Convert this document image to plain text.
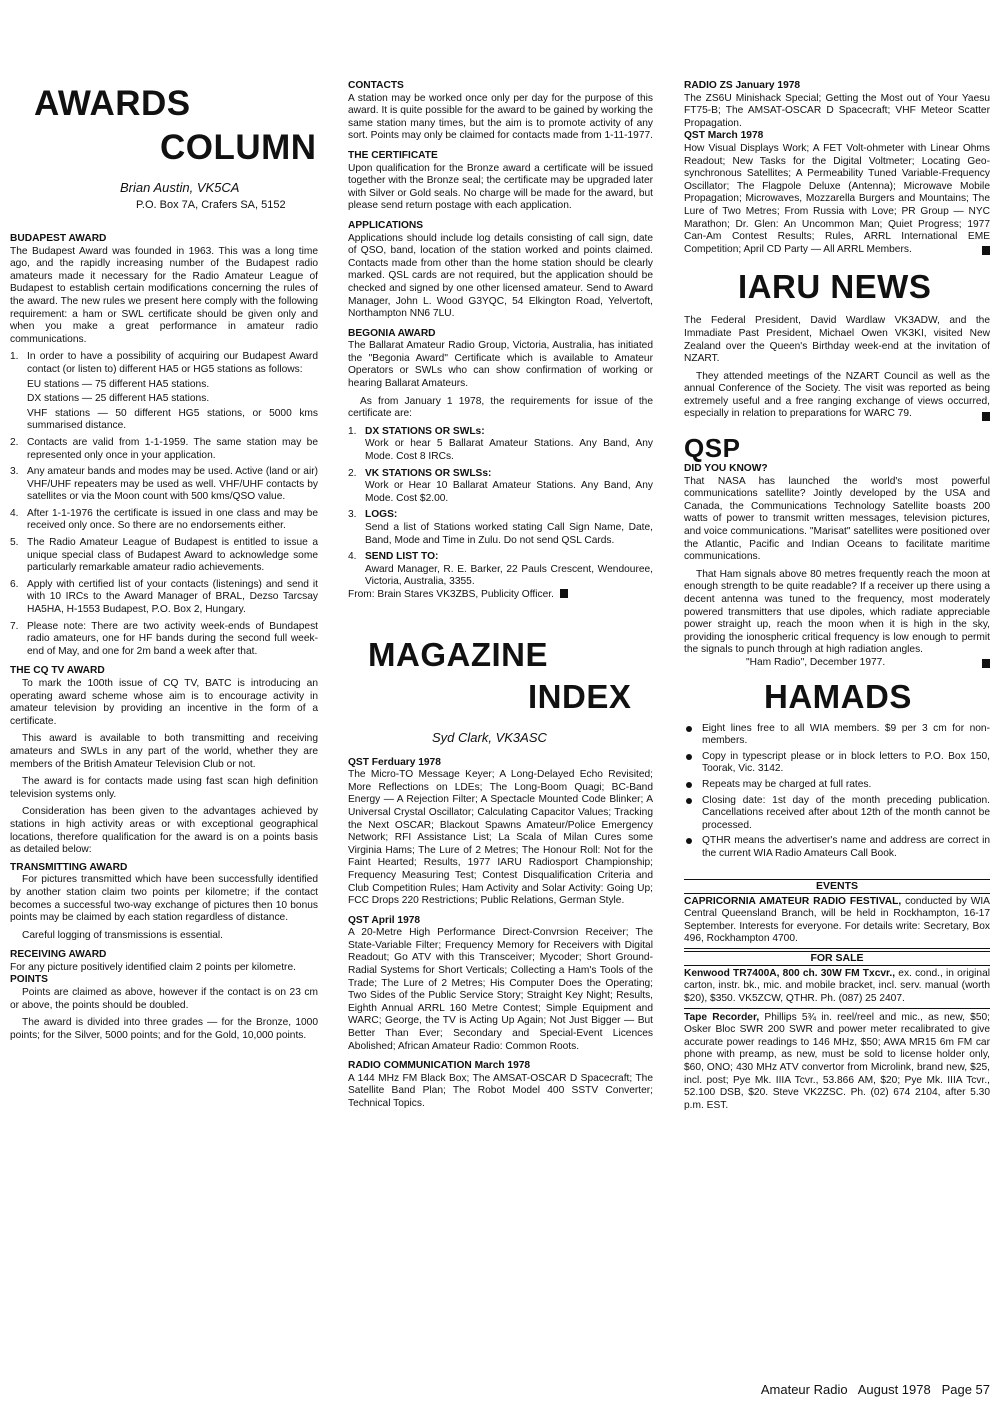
AWARDS
COLUMN
Brian Austin, VK5CA
P.O. Box 7A, Crafers SA, 5152
BUDAPEST AWARD

The Budapest Award was founded in 1963. This was a long time ago, and the rapidly increasing number of the Budapest radio amateurs made it necessary for the Radio Amateur League of Budapest to establish certain modifications concerning the rules of the award. The new rules we present here comply with the following requirement: a ham or SWL certificate should be given only and when you make a great performance in amateur radio communications.

1. In order to have a possibility of acquiring our Budapest Award contact (or listen to) different HA5 or HG5 stations as follows:
EU stations — 75 different HA5 stations.
DX stations — 25 different HA5 stations.
VHF stations — 50 different HG5 stations, or 5000 kms summarised distance.
2. Contacts are valid from 1-1-1959. The same station may be represented only once in your application.
3. Any amateur bands and modes may be used. Active (land or air) VHF/UHF repeaters may be used as well. VHF/UHF contacts by satellites or via the Moon count with 500 kms/QSO value.
4. After 1-1-1976 the certificate is issued in one class and may be received only once. So there are no endorsements either.
5. The Radio Amateur League of Budapest is entitled to issue a unique special class of Budapest Award to acknowledge some particularly remarkable amateur radio achievements.
6. Apply with certified list of your contacts (listenings) and send it with 10 IRCs to the Award Manager of BRAL, Dezso Tarcsay HA5HA, H-1553 Budapest, P.O. Box 2, Hungary.
7. Please note: There are two activity week-ends of Bundapest radio amateurs, one for HF bands during the second full week-end of May, and one for 2m band a week after that.
THE CQ TV AWARD

To mark the 100th issue of CQ TV, BATC is introducing an operating award scheme whose aim is to encourage activity in amateur television by providing an incentive in the form of a certificate.

This award is available to both transmitting and receiving amateurs and SWLs in any part of the world, whether they are members of the British Amateur Television Club or not.

The award is for contacts made using fast scan high definition television systems only.

Consideration has been given to the advantages achieved by stations in high activity areas or with exceptional geographical locations, therefore qualification for the award is on a points basis as detailed below:

TRANSMITTING AWARD

For pictures transmitted which have been successfully identified by another station claim two points per kilometre; if the contact becomes a successful two-way exchange of pictures then 10 bonus points may be claimed by each station regardless of distance.

Careful logging of transmissions is essential.

RECEIVING AWARD

For any picture positively identified claim 2 points per kilometre.

POINTS

Points are claimed as above, however if the contact is on 23 cm or above, the points should be doubled.

The award is divided into three grades — for the Bronze, 1000 points; for the Silver, 5000 points; and for the Gold, 10,000 points.

CONTACTS

A station may be worked once only per day for the purpose of this award. It is quite possible for the award to be gained by working the same station many times, but the aim is to promote activity of any sort. Points may only be claimed for contacts made from 1-11-1977.

THE CERTIFICATE

Upon qualification for the Bronze award a certificate will be issued together with the Bronze seal; the certificate may be upgraded later with Silver or Gold seals. No charge will be made for the award, but please send return postage with each application.

APPLICATIONS

Applications should include log details consisting of call sign, date of QSO, band, location of the station worked and points claimed. Contacts made from other than the home station should be clearly marked. QSL cards are not required, but the application should be checked and signed by one other licensed amateur. Send to Award Manager, John L. Wood G3YQC, 54 Elkington Road, Yelvertoft, Northampton NN6 7LU.

BEGONIA AWARD

The Ballarat Amateur Radio Group, Victoria, Australia, has initiated the "Begonia Award" Certificate which is available to Amateur Operators or SWLs who can show confirmation of working or hearing Ballarat Amateurs.

As from January 1 1978, the requirements for issue of the certificate are:

1. DX STATIONS OR SWLs:
Work or hear 5 Ballarat Amateur Stations. Any Band, Any Mode. Cost 8 IRCs.
2. VK STATIONS OR SWLSs:
Work or Hear 10 Ballarat Amateur Stations. Any Band, Any Mode. Cost $2.00.
3. LOGS:
Send a list of Stations worked stating Call Sign Name, Date, Band, Mode and Time in Zulu. Do not send QSL Cards.
4. SEND LIST TO:
Award Manager, R. E. Barker, 22 Pauls Crescent, Wendouree, Victoria, Australia, 3355.
From: Brain Stares VK3ZBS, Publicity Officer.
MAGAZINE
INDEX
Syd Clark, VK3ASC
QST Ferduary 1978

The Micro-TO Message Keyer; A Long-Delayed Echo Revisited; More Reflections on LDEs; The Long-Boom Quagi; BC-Band Energy — A Rejection Filter; A Spectacle Mounted Code Blinker; A Universal Crystal Oscillator; Calculating Capacitor Values; Tracking the Next OSCAR; Blackout Spawns Amateur/Police Emergency Network; RFI Assistance List; La Scala of Milan Cures some Virginia Hams; The Lure of 2 Metres; The Honour Roll: Not for the Faint Hearted; Results, 1977 IARU Radiosport Championship; Frequency Measuring Test; Contest Disqualification Criteria and Club Competition Rules; Ham Activity and Solar Activity: Going Up; FCC Drops 220 Restrictions; Public Relations, German Style.

QST April 1978

A 20-Metre High Performance Direct-Convrsion Receiver; The State-Variable Filter; Frequency Memory for Receivers with Digital Readout; Go ATV with this Transceiver; Mycoder; Short Ground-Radial Systems for Short Verticals; Collecting a Ham's Tools of the Trade; The Lure of 2 Metres; His Computer Does the Operating; Two Sides of the Public Service Story; Straight Key Night; Results, Eighth Annual ARRL 160 Metre Contest; Simple Equipment and WARC; George, the TV is Acting Up Again; Not Just Bigger — But Better Than Ever; Secondary and Special-Event Licences Abolished; African Amateur Radio: Common Roots.

RADIO COMMUNICATION March 1978

A 144 MHz FM Black Box; The AMSAT-OSCAR D Spacecraft; The Satellite Band Plan; The Robot Model 400 SSTV Converter; Technical Topics.

RADIO ZS January 1978

The ZS6U Minishack Special; Getting the Most out of Your Yaesu FT75-B; The AMSAT-OSCAR D Spacecraft; VHF Meteor Scatter Propagation.

QST March 1978

How Visual Displays Work; A FET Volt-ohmeter with Linear Ohms Readout; New Tasks for the Digital Voltmeter; Locating Geo-synchronous Satellites; A Permeability Tuned Variable-Frequency Oscillator; The Flagpole Deluxe (Antenna); Microwave Mobile Propagation; Microwaves, Mozzarella Burgers and Mountains; The Lure of Two Metres; From Russia with Love; PR Group — NYC Marathon; Dr. Glen: An Uncommon Man; Quiet Progress; 1977 Can-Am Contest Results; Rules, ARRL International EME Competition; April CD Party — All ARRL Members.

IARU NEWS

The Federal President, David Wardlaw VK3ADW, and the Immadiate Past President, Michael Owen VK3KI, visited New Zealand over the Queen's Birthday week-end at the invitation of NZART.

They attended meetings of the NZART Council as well as the annual Conference of the Society. The visit was reported as being extremely useful and a free ranging exchange of views occurred, especially in relation to preparations for WARC 79.

QSP
DID YOU KNOW?

That NASA has launched the world's most powerful communications satellite? Jointly developed by the USA and Canada, the Communications Technology Satellite boasts 200 watts of power to transmit written messages, television pictures, and voice communications. "Marisat" satellites were positioned over the Atlantic, Pacific and Indian Oceans to facilitate maritime communications.

That Ham signals above 80 metres frequently reach the moon at enough strength to be quite readable? If a receiver up there using a decent antenna was tuned to the frequency, most moderately powered transmitters that use dipoles, which radiate appreciable power straight up, reach the moon when it is high in the sky, providing the ionospheric critical frequency is low enough to permit the signals to punch through at high radiation angles.

"Ham Radio", December 1977.

HAMADS
Eight lines free to all WIA members. $9 per 3 cm for non-members.
Copy in typescript please or in block letters to P.O. Box 150, Toorak, Vic. 3142.
Repeats may be charged at full rates.
Closing date: 1st day of the month preceding publication. Cancellations received after about 12th of the month cannot be processed.
QTHR means the advertiser's name and address are correct in the current WIA Radio Amateurs Call Book.
EVENTS

CAPRICORNIA AMATEUR RADIO FESTIVAL, conducted by WIA Central Queensland Branch, will be held in Rockhampton, 16-17 September. Interests for everyone. For details write: Secretary, Box 496, Rockhampton 4700.

FOR SALE

Kenwood TR7400A, 800 ch. 30W FM Txcvr., ex. cond., in original carton, instr. bk., mic. and mobile bracket, incl. serv. manual (worth $20), $350. VK5ZCW, QTHR. Ph. (087) 25 2407.

Tape Recorder, Phillips 5¾ in. reel/reel and mic., as new, $50; Osker Bloc SWR 200 SWR and power meter recalibrated to give accurate power readings to 146 MHz, $50; AWA MR15 6m FM car phone with preamp, as new, must be sold to license holder only, $60, ONO; 430 MHz ATV convertor from Microlink, brand new, $25, incl. post; Pye Mk. IIIA Tcvr., 53.866 AM, $20; Pye Mk. IIIA Tcvr., 52.100 DSB, $20. Steve VK2ZSC. Ph. (02) 674 2104, after 5.30 p.m. EST.

Amateur Radio August 1978 Page 57
